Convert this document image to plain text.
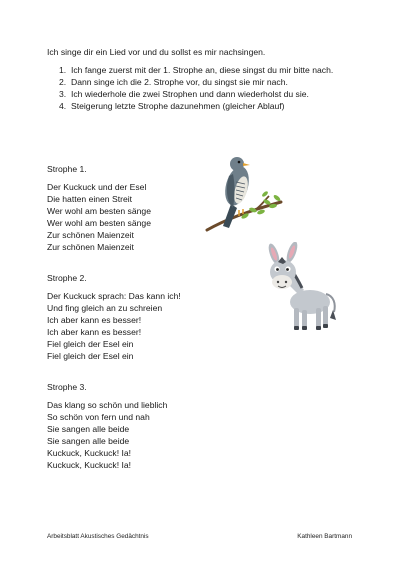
Ich singe dir ein Lied vor und du sollst es mir nachsingen.
1. Ich fange zuerst mit der 1. Strophe an, diese singst du mir bitte nach.
2. Dann singe ich die 2. Strophe vor, du singst sie mir nach.
3. Ich wiederhole die zwei Strophen und dann wiederholst du sie.
4. Steigerung letzte Strophe dazunehmen (gleicher Ablauf)
Strophe 1.
Der Kuckuck und der Esel
Die hatten einen Streit
Wer wohl am besten sänge
Wer wohl am besten sänge
Zur schönen Maienzeit
Zur schönen Maienzeit
Strophe 2.
Der Kuckuck sprach: Das kann ich!
Und fing gleich an zu schreien
Ich aber kann es besser!
Ich aber kann es besser!
Fiel gleich der Esel ein
Fiel gleich der Esel ein
Strophe 3.
Das klang so schön und lieblich
So schön von fern und nah
Sie sangen alle beide
Sie sangen alle beide
Kuckuck, Kuckuck! Ia!
Kuckuck, Kuckuck! Ia!
Arbeitsblatt Akustisches Gedächtnis	Kathleen Bartmann
